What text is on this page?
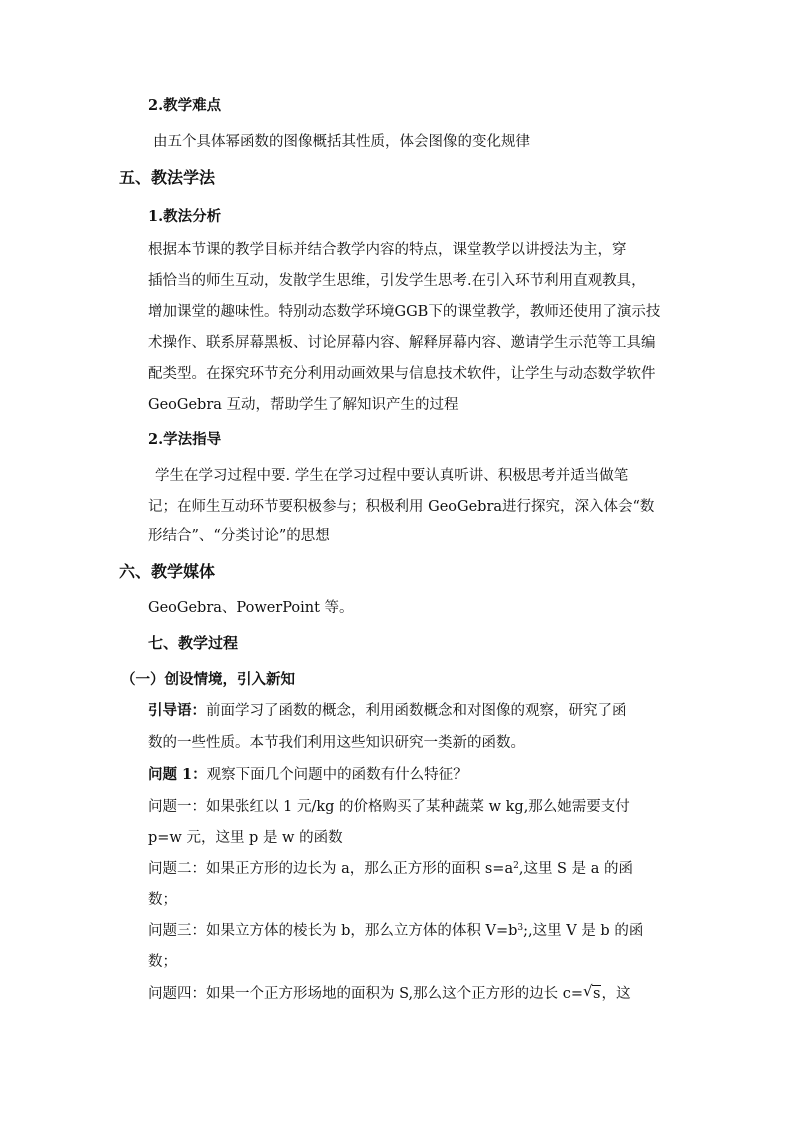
2.教学难点
由五个具体幂函数的图像概括其性质，体会图像的变化规律
五、教法学法
1.教法分析
根据本节课的教学目标并结合教学内容的特点，课堂教学以讲授法为主，穿
插恰当的师生互动，发散学生思维，引发学生思考.在引入环节利用直观教具，
增加课堂的趣味性。特别动态数学环境GGB下的课堂教学，教师还使用了演示技
术操作、联系屏幕黑板、讨论屏幕内容、解释屏幕内容、邀请学生示范等工具编
配类型。在探究环节充分利用动画效果与信息技术软件，让学生与动态数学软件
GeoGebra 互动，帮助学生了解知识产生的过程
2.学法指导
学生在学习过程中要. 学生在学习过程中要认真听讲、积极思考并适当做笔
记；在师生互动环节要积极参与；积极利用 GeoGebra进行探究，深入体会“数
形结合”、“分类讨论”的思想
六、教学媒体
GeoGebra、PowerPoint 等。
七、教学过程
（一）创设情境，引入新知
引导语：前面学习了函数的概念，利用函数概念和对图像的观察，研究了函
数的一些性质。本节我们利用这些知识研究一类新的函数。
问题 1：观察下面几个问题中的函数有什么特征？
问题一：如果张红以 1 元/kg 的价格购买了某种蔬菜 w kg,那么她需要支付
p=w 元，这里 p 是 w 的函数
问题二：如果正方形的边长为 a，那么正方形的面积 $s=a^2$,这里 S 是 a 的函
数；
问题三：如果立方体的棱长为 b，那么立方体的体积 $V=b^3$;,这里 V 是 b 的函
数；
问题四：如果一个正方形场地的面积为 S,那么这个正方形的边长 c= √ s，这
